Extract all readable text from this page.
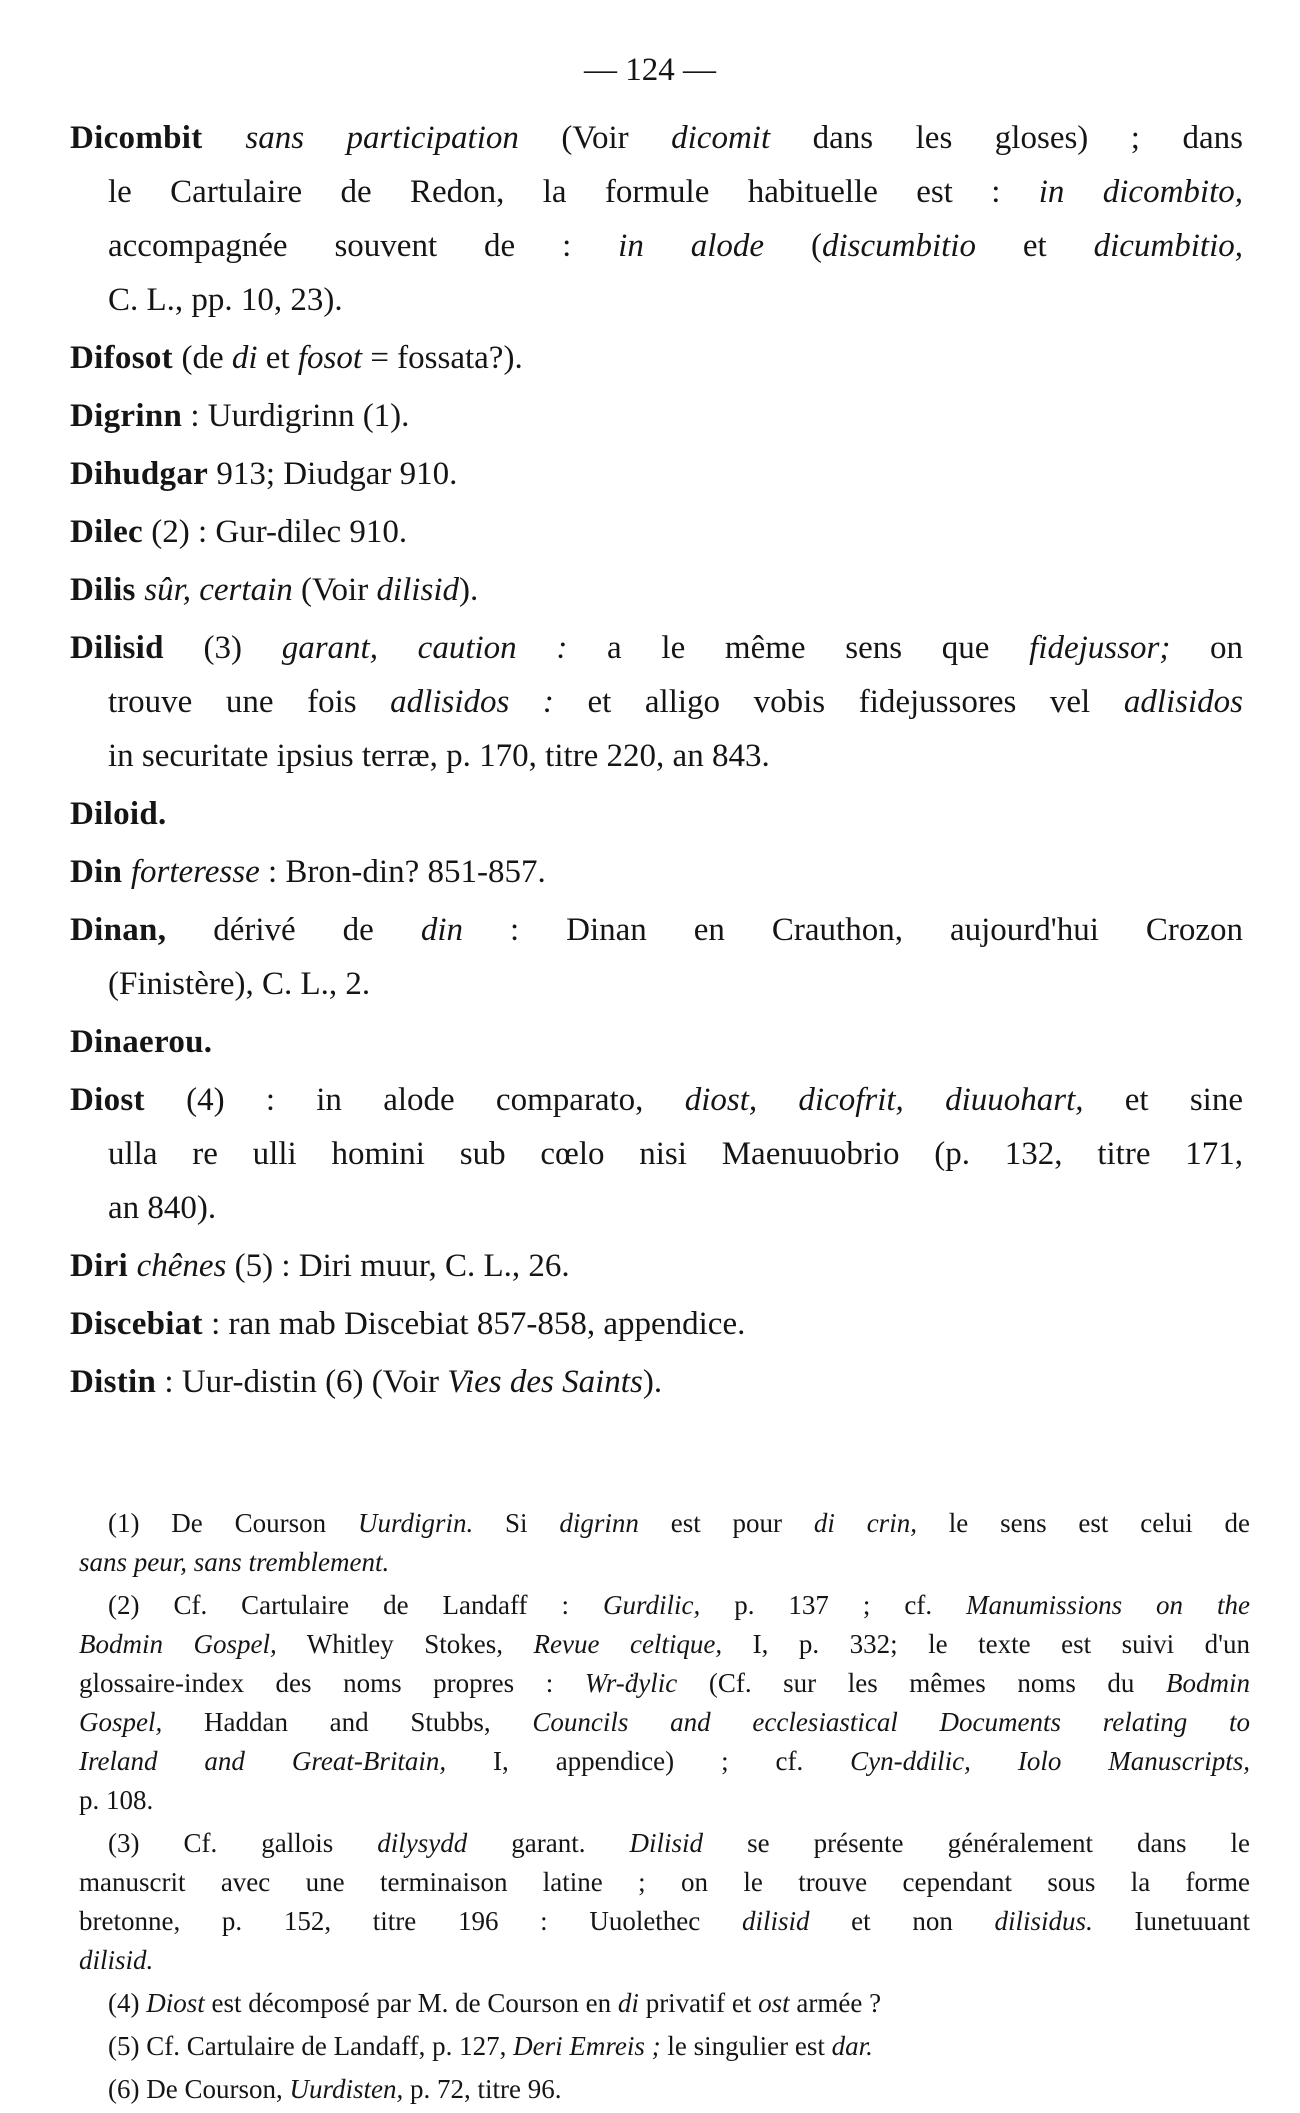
— 124 —
Dicombit sans participation (Voir dicomit dans les gloses) ; dans
le Cartulaire de Redon, la formule habituelle est : in dicombito,
accompagnée souvent de : in alode (discumbitio et dicumbitio,
C. L., pp. 10, 23).
Difosot (de di et fosot = fossata?).
Digrinn : Uurdigrinn (1).
Dihudgar 913; Diudgar 910.
Dilec (2) : Gur-dilec 910.
Dilis sûr, certain (Voir dilisid).
Dilisid (3) garant, caution : a le même sens que fidejussor; on
trouve une fois adlisidos : et alligo vobis fidejussores vel adlisidos
in securitate ipsius terræ, p. 170, titre 220, an 843.
Diloid.
Din forteresse : Bron-din? 851-857.
Dinan, dérivé de din : Dinan en Crauthon, aujourd'hui Crozon
(Finistère), C. L., 2.
Dinaerou.
Diost (4) : in alode comparato, diost, dicofrit, diuuohart, et sine
ulla re ulli homini sub cœlo nisi Maenuuobrio (p. 132, titre 171,
an 840).
Diri chênes (5) : Diri muur, C. L., 26.
Discebiat : ran mab Discebiat 857-858, appendice.
Distin : Uur-distin (6) (Voir Vies des Saints).
(1) De Courson Uurdigrin. Si digrinn est pour di crin, le sens est celui de
sans peur, sans tremblement.
(2) Cf. Cartulaire de Landaff : Gurdilic, p. 137 ; cf. Manumissions on the
Bodmin Gospel, Whitley Stokes, Revue celtique, I, p. 332; le texte est suivi d'un
glossaire-index des noms propres : Wr-ḋylic (Cf. sur les mêmes noms du Bodmin
Gospel, Haddan and Stubbs, Councils and ecclesiastical Documents relating to
Ireland and Great-Britain, I, appendice) ; cf. Cyn-ddilic, Iolo Manuscripts,
p. 108.
(3) Cf. gallois dilysydd garant. Dilisid se présente généralement dans le
manuscrit avec une terminaison latine ; on le trouve cependant sous la forme
bretonne, p. 152, titre 196 : Uuolethec dilisid et non dilisidus. Iunetuuant
dilisid.
(4) Diost est décomposé par M. de Courson en di privatif et ost armée ?
(5) Cf. Cartulaire de Landaff, p. 127, Deri Emreis ; le singulier est dar.
(6) De Courson, Uurdisten, p. 72, titre 96.
